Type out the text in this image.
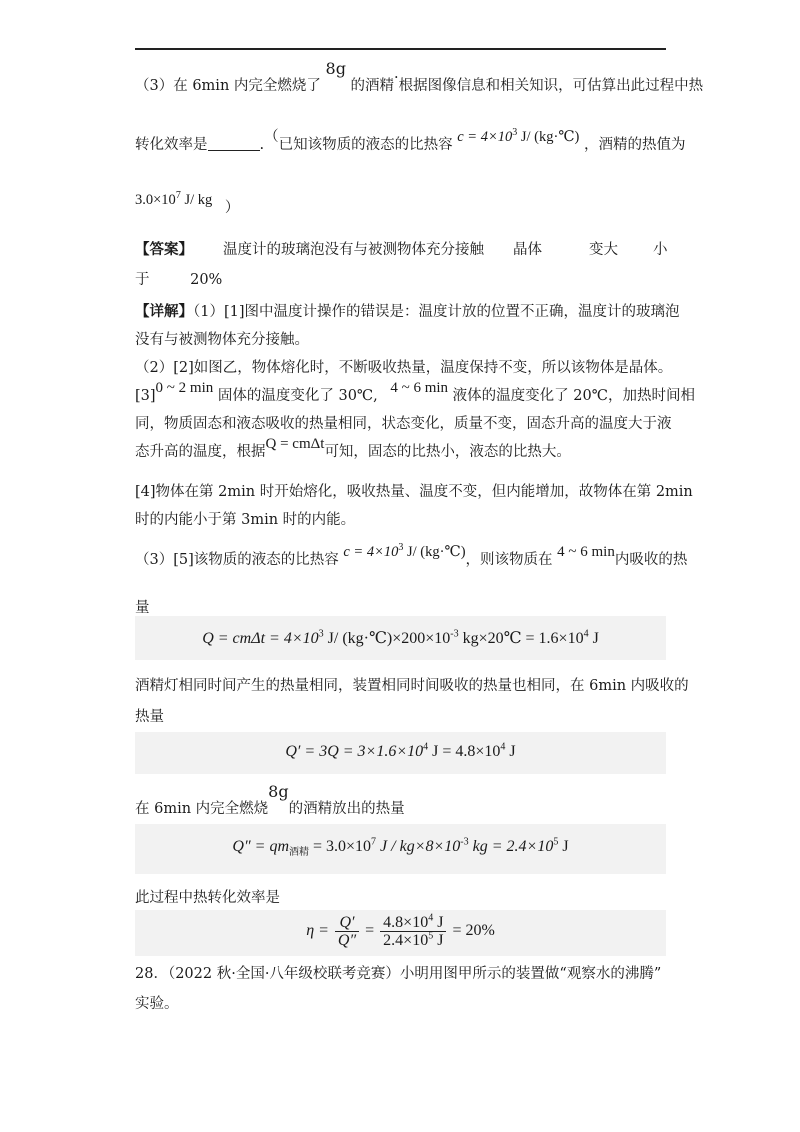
（3）在 6min 内完全燃烧了 8g 的酒精·根据图像信息和相关知识，可估算出此过程中热
转化效率是	.（已知该物质的液态的比热容 $c = 4\times 10^3$ J/ (kg·℃) ，酒精的热值为
$3.0\times 10^7$ J/ kg ）
【答案】 温度计的玻璃泡没有与被测物体充分接触 晶体	变大 小
于	20%
【详解】（1）[1]图中温度计操作的错误是：温度计放的位置不正确，温度计的玻璃泡
没有与被测物体充分接触。
（2）[2]如图乙，物体熔化时，不断吸收热量，温度保持不变，所以该物体是晶体。
[3]0 ~ 2 min 固体的温度变化了 30℃, 4 ~ 6 min 液体的温度变化了 20℃，加热时间相
同，物质固态和液态吸收的热量相同，状态变化，质量不变，固态升高的温度大于液
态升高的温度，根据Q = cmΔt可知，固态的比热小，液态的比热大。
[4]物体在第 2min 时开始熔化，吸收热量、温度不变，但内能增加，故物体在第 2min
时的内能小于第 3min 时的内能。
（3）[5]该物质的液态的比热容 $c = 4\times 10^3$ J/ (kg·℃)，则该物质在 4 ~ 6 min内吸收的热
量
$Q = cm\Delta t = 4\times 10^3$ J/ $(kg\cdot℃)\times 200\times 10^{-3}$ kg×20℃ = $1.6\times 10^4$ J
酒精灯相同时间产生的热量相同，装置相同时间吸收的热量也相同，在 6min 内吸收的
热量
$Q' = 3Q = 3\times 1.6\times 10^4$ $J = 4.8\times 10^4$ J
在 6min 内完全燃烧8g的酒精放出的热量
$Q'' = qm_{酒精} = 3.0\times 10^7$ $J / kg\times 8\times 10^{-3}$ kg = $2.4\times 10^5$ J
此过程中热转化效率是
$\eta = \frac{Q'}{Q''} = \frac{4.8\times 10^4 J}{2.4\times 10^5 J} = 20\%$
28．（2022 秋·全国·八年级校联考竞赛）小明用图甲所示的装置做“观察水的沸腾”
实验。
